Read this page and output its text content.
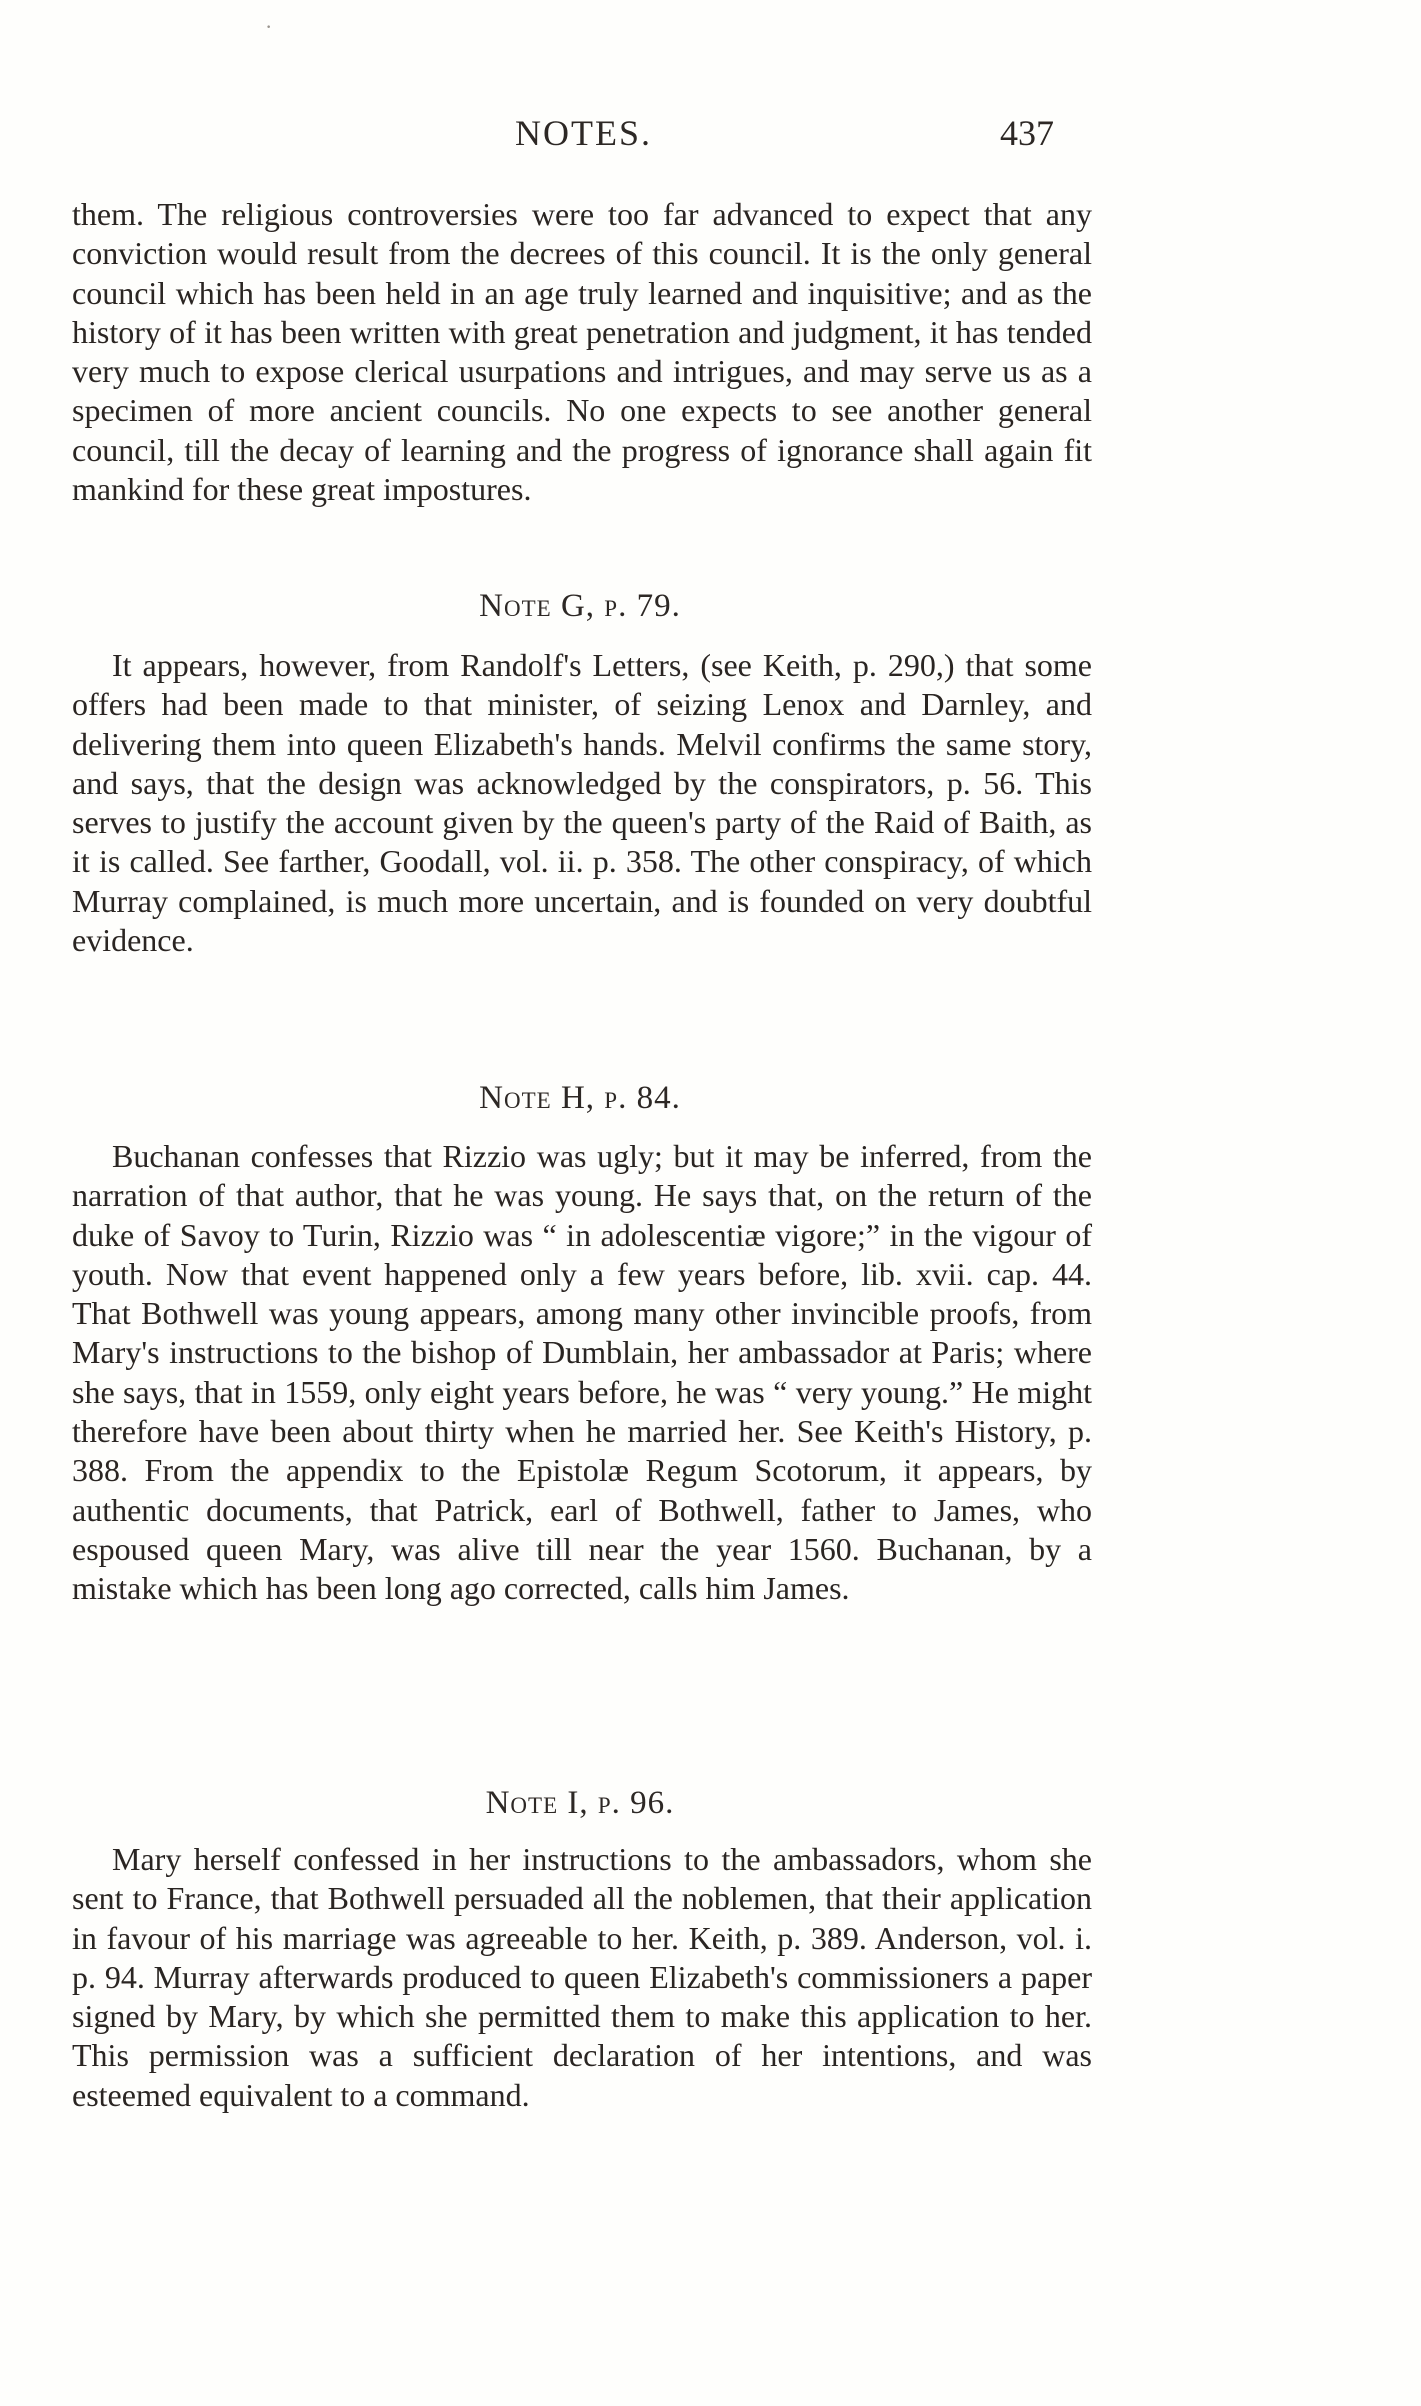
NOTES.	437

them. The religious controversies were too far advanced to expect that any conviction would result from the decrees of this council. It is the only general council which has been held in an age truly learned and inquisitive; and as the history of it has been written with great penetration and judgment, it has tended very much to expose clerical usurpations and intrigues, and may serve us as a specimen of more ancient councils. No one expects to see another general council, till the decay of learning and the progress of ignorance shall again fit mankind for these great impostures.

Note G, p. 79.

It appears, however, from Randolf's Letters, (see Keith, p. 290,) that some offers had been made to that minister, of seizing Lenox and Darnley, and delivering them into queen Elizabeth's hands. Melvil confirms the same story, and says, that the design was acknowledged by the conspirators, p. 56. This serves to justify the account given by the queen's party of the Raid of Baith, as it is called. See farther, Goodall, vol. ii. p. 358. The other conspiracy, of which Murray complained, is much more uncertain, and is founded on very doubtful evidence.

Note H, p. 84.

Buchanan confesses that Rizzio was ugly; but it may be inferred, from the narration of that author, that he was young. He says that, on the return of the duke of Savoy to Turin, Rizzio was “ in adolescentiæ vigore;” in the vigour of youth. Now that event happened only a few years before, lib. xvii. cap. 44. That Bothwell was young appears, among many other invincible proofs, from Mary's instructions to the bishop of Dumblain, her ambassador at Paris; where she says, that in 1559, only eight years before, he was “ very young.” He might therefore have been about thirty when he married her. See Keith's History, p. 388. From the appendix to the Epistolæ Regum Scotorum, it appears, by authentic documents, that Patrick, earl of Bothwell, father to James, who espoused queen Mary, was alive till near the year 1560. Buchanan, by a mistake which has been long ago corrected, calls him James.

Note I, p. 96.

Mary herself confessed in her instructions to the ambassadors, whom she sent to France, that Bothwell persuaded all the noblemen, that their application in favour of his marriage was agreeable to her. Keith, p. 389. Anderson, vol. i. p. 94. Murray afterwards produced to queen Elizabeth's commissioners a paper signed by Mary, by which she permitted them to make this application to her. This permission was a sufficient declaration of her intentions, and was esteemed equivalent to a command.

·
